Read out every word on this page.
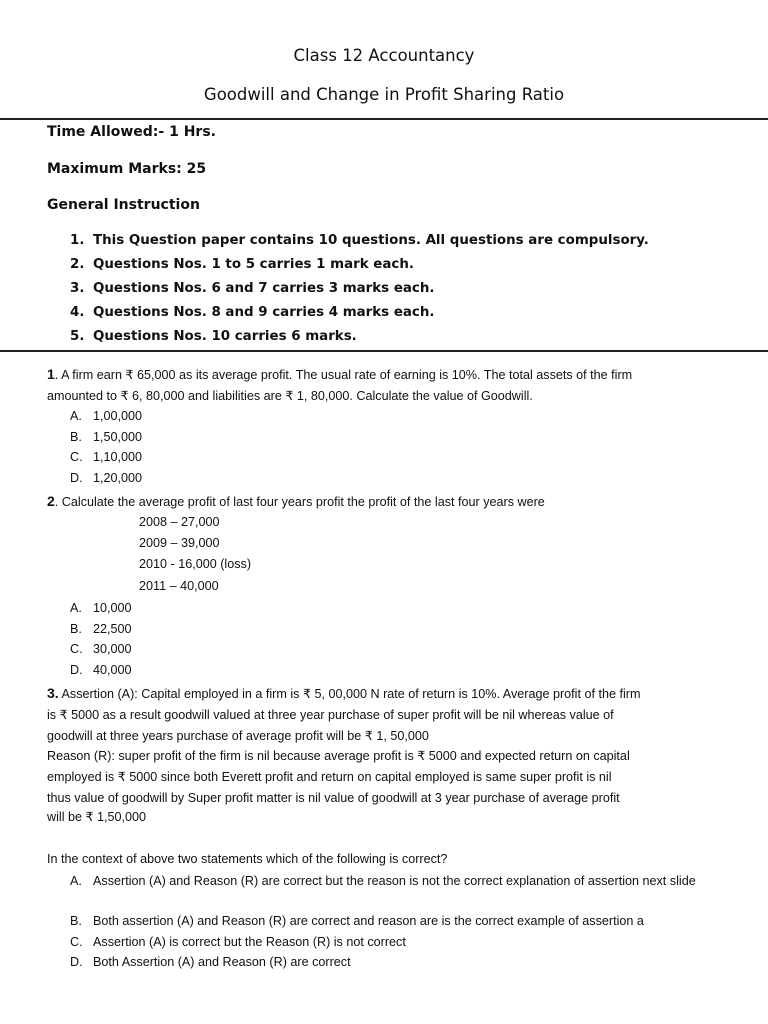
Class 12 Accountancy
Goodwill and Change in Profit Sharing Ratio
Time Allowed:- 1 Hrs.
Maximum Marks: 25
General Instruction
1. This Question paper contains 10 questions. All questions are compulsory.
2. Questions Nos. 1 to 5 carries 1 mark each.
3. Questions Nos. 6 and 7 carries 3 marks each.
4. Questions Nos. 8 and 9 carries 4 marks each.
5. Questions Nos. 10 carries 6 marks.
1. A firm earn ₹ 65,000 as its average profit. The usual rate of earning is 10%. The total assets of the firm
amounted to ₹ 6, 80,000 and liabilities are ₹ 1, 80,000. Calculate the value of Goodwill.
A. 1,00,000
B. 1,50,000
C. 1,10,000
D. 1,20,000
2. Calculate the average profit of last four years profit the profit of the last four years were
2008 – 27,000
2009 – 39,000
2010 - 16,000 (loss)
2011 – 40,000
A. 10,000
B. 22,500
C. 30,000
D. 40,000
3. Assertion (A): Capital employed in a firm is ₹ 5, 00,000 N rate of return is 10%. Average profit of the firm
is ₹ 5000 as a result goodwill valued at three year purchase of super profit will be nil whereas value of
goodwill at three years purchase of average profit will be ₹ 1, 50,000
Reason (R): super profit of the firm is nil because average profit is ₹ 5000 and expected return on capital
employed is ₹ 5000 since both Everett profit and return on capital employed is same super profit is nil
thus value of goodwill by Super profit matter is nil value of goodwill at 3 year purchase of average profit
will be ₹ 1,50,000
In the context of above two statements which of the following is correct?
A. Assertion (A) and Reason (R) are correct but the reason is not the correct explanation of assertion next slide
B. Both assertion (A) and Reason (R) are correct and reason are is the correct example of assertion a
C. Assertion (A) is correct but the Reason (R) is not correct
D. Both Assertion (A) and Reason (R) are correct
